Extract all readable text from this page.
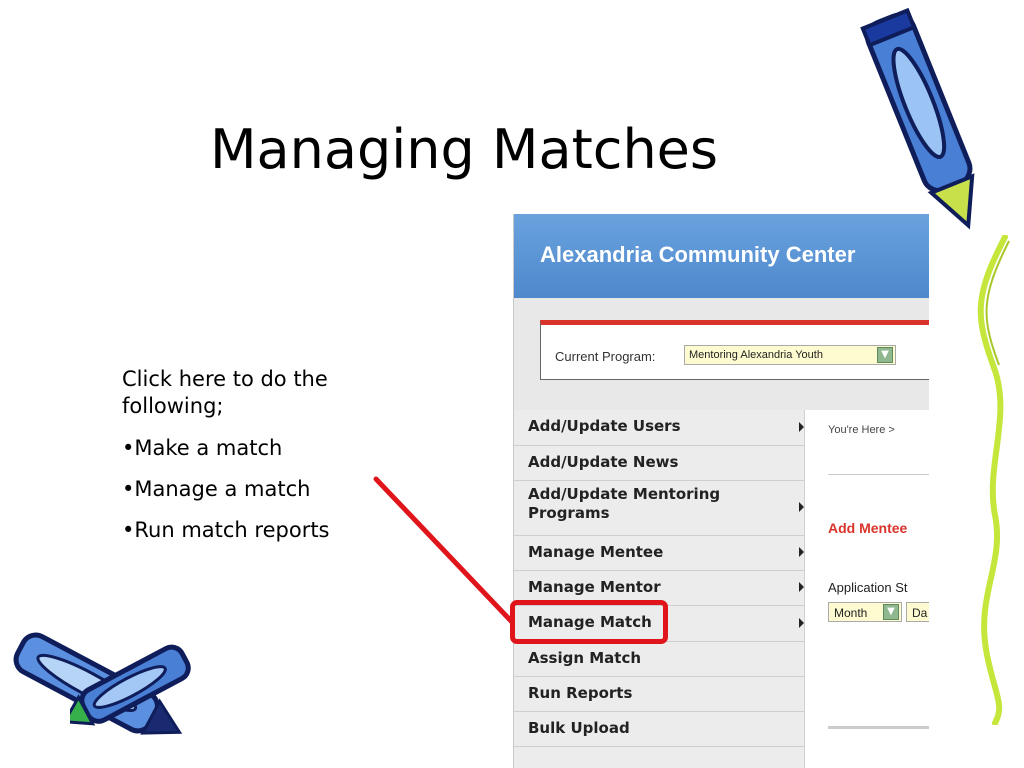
Managing Matches

Click here to do the following;

•Make a match

•Manage a match

•Run match reports

Alexandria Community Center
Current Program:	Mentoring Alexandria Youth	▼
Add/Update Users
Add/Update News
Add/Update Mentoring Programs
Manage Mentee
Manage Mentor
Manage Match
Assign Match
Run Reports
Bulk Upload
You're Here >
Add Mentee
Application St
Month	▼	Da
